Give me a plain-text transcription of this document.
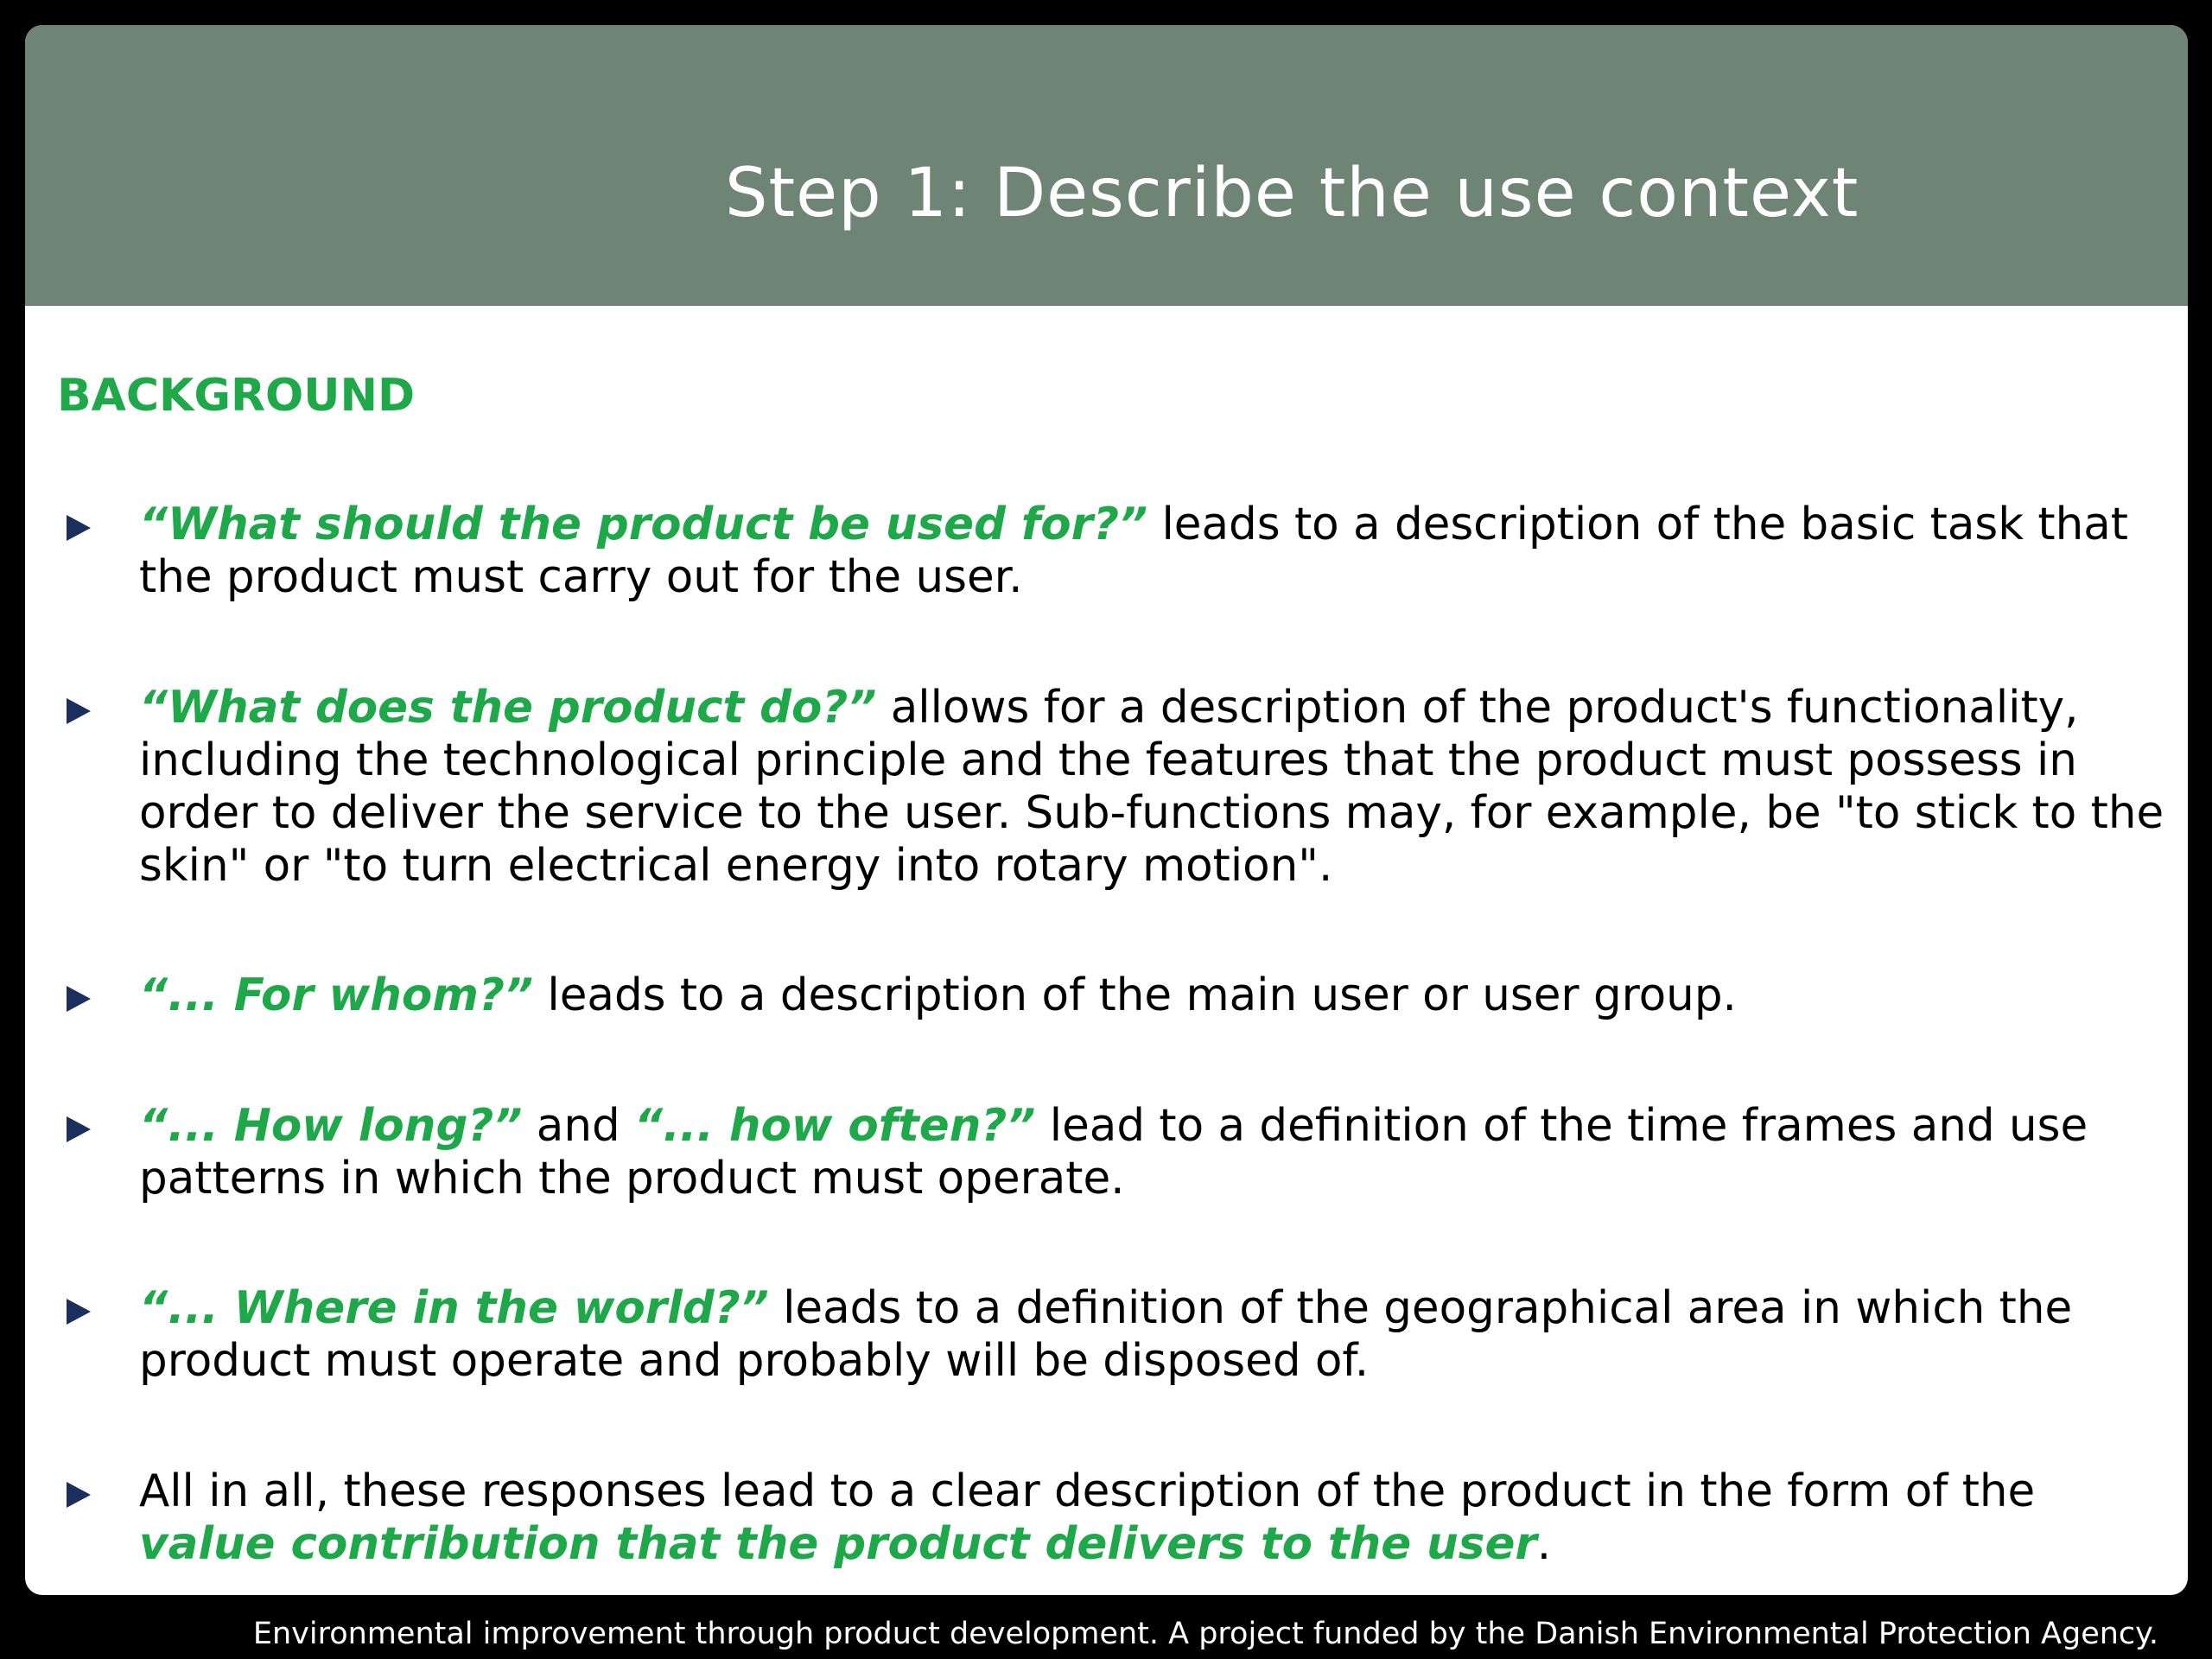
Step 1: Describe the use context
BACKGROUND

“What should the product be used for?” leads to a description of the basic task that the product must carry out for the user.

“What does the product do?” allows for a description of the product's functionality, including the technological principle and the features that the product must possess in order to deliver the service to the user. Sub-functions may, for example, be "to stick to the skin" or "to turn electrical energy into rotary motion".

“... For whom?” leads to a description of the main user or user group.

“... How long?” and “... how often?” lead to a definition of the time frames and use patterns in which the product must operate.

“... Where in the world?” leads to a definition of the geographical area in which the product must operate and probably will be disposed of.

All in all, these responses lead to a clear description of the product in the form of the value contribution that the product delivers to the user.

Environmental improvement through product development. A project funded by the Danish Environmental Protection Agency.
